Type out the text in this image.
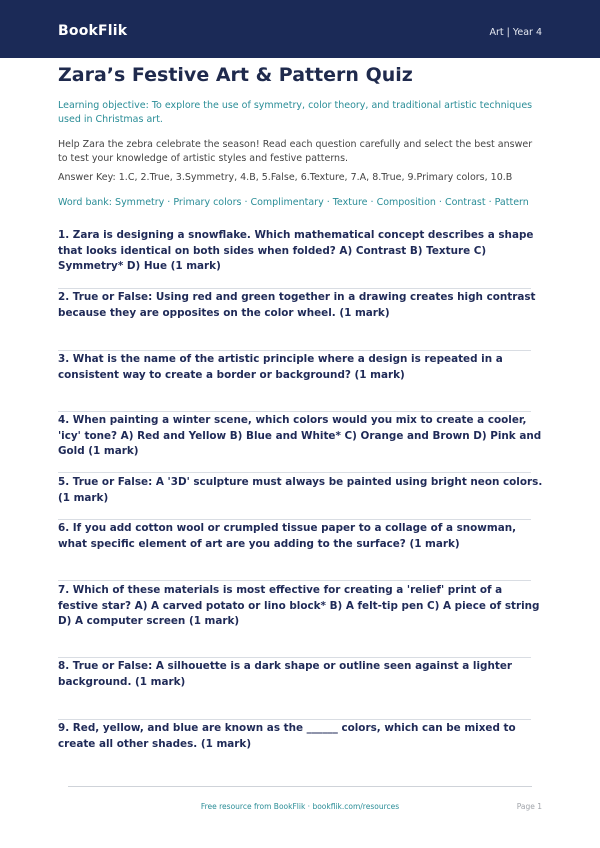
BookFlik	Art | Year 4
Zara’s Festive Art & Pattern Quiz
Learning objective: To explore the use of symmetry, color theory, and traditional artistic techniques used in Christmas art.
Help Zara the zebra celebrate the season! Read each question carefully and select the best answer to test your knowledge of artistic styles and festive patterns.
Answer Key: 1.C, 2.True, 3.Symmetry, 4.B, 5.False, 6.Texture, 7.A, 8.True, 9.Primary colors, 10.B
Word bank: Symmetry · Primary colors · Complimentary · Texture · Composition · Contrast · Pattern
1. Zara is designing a snowflake. Which mathematical concept describes a shape that looks identical on both sides when folded? A) Contrast B) Texture C) Symmetry* D) Hue (1 mark)
2. True or False: Using red and green together in a drawing creates high contrast because they are opposites on the color wheel. (1 mark)
3. What is the name of the artistic principle where a design is repeated in a consistent way to create a border or background? (1 mark)
4. When painting a winter scene, which colors would you mix to create a cooler, 'icy' tone? A) Red and Yellow B) Blue and White* C) Orange and Brown D) Pink and Gold (1 mark)
5. True or False: A '3D' sculpture must always be painted using bright neon colors. (1 mark)
6. If you add cotton wool or crumpled tissue paper to a collage of a snowman, what specific element of art are you adding to the surface? (1 mark)
7. Which of these materials is most effective for creating a 'relief' print of a festive star? A) A carved potato or lino block* B) A felt-tip pen C) A piece of string D) A computer screen (1 mark)
8. True or False: A silhouette is a dark shape or outline seen against a lighter background. (1 mark)
9. Red, yellow, and blue are known as the ______ colors, which can be mixed to create all other shades. (1 mark)
Free resource from BookFlik · bookflik.com/resources	Page 1
